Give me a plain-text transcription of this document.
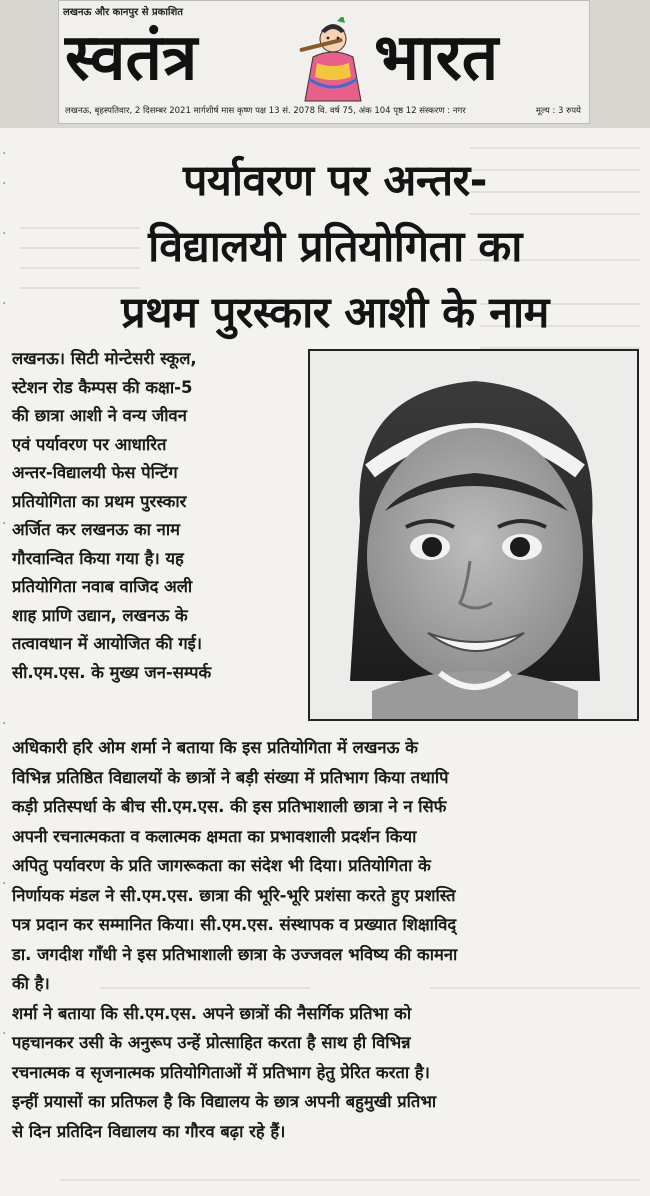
लखनऊ और कानपुर से प्रकाशित
स्वतंत्र	भारत
लखनऊ, बृहस्पतिवार, 2 दिसम्बर 2021 मार्गशीर्ष मास कृष्ण पक्ष 13 सं. 2078 वि. वर्ष 75, अंक 104 पृष्ठ 12 संस्करण : नगर	मूल्य : 3 रुपये
·
·
·
·
·
·
·
·
पर्यावरण पर अन्तर-
विद्यालयी प्रतियोगिता का
प्रथम पुरस्कार आशी के नाम
लखनऊ। सिटी मोन्टेसरी स्कूल,
स्टेशन रोड कैम्पस की कक्षा-5
की छात्रा आशी ने वन्य जीवन
एवं पर्यावरण पर आधारित
अन्तर-विद्यालयी फेस पेन्टिंग
प्रतियोगिता का प्रथम पुरस्कार
अर्जित कर लखनऊ का नाम
गौरवान्वित किया गया है। यह
प्रतियोगिता नवाब वाजिद अली
शाह प्राणि उद्यान, लखनऊ के
तत्वावधान में आयोजित की गई।
सी.एम.एस. के मुख्य जन-सम्पर्क
अधिकारी हरि ओम शर्मा ने बताया कि इस प्रतियोगिता में लखनऊ के
विभिन्न प्रतिष्ठित विद्यालयों के छात्रों ने बड़ी संख्या में प्रतिभाग किया तथापि
कड़ी प्रतिस्पर्धा के बीच सी.एम.एस. की इस प्रतिभाशाली छात्रा ने न सिर्फ
अपनी रचनात्मकता व कलात्मक क्षमता का प्रभावशाली प्रदर्शन किया
अपितु पर्यावरण के प्रति जागरूकता का संदेश भी दिया। प्रतियोगिता के
निर्णायक मंडल ने सी.एम.एस. छात्रा की भूरि-भूरि प्रशंसा करते हुए प्रशस्ति
पत्र प्रदान कर सम्मानित किया। सी.एम.एस. संस्थापक व प्रख्यात शिक्षाविद्
डा. जगदीश गाँधी ने इस प्रतिभाशाली छात्रा के उज्जवल भविष्य की कामना
की है।
शर्मा ने बताया कि सी.एम.एस. अपने छात्रों की नैसर्गिक प्रतिभा को
पहचानकर उसी के अनुरूप उन्हें प्रोत्साहित करता है साथ ही विभिन्न
रचनात्मक व सृजनात्मक प्रतियोगिताओं में प्रतिभाग हेतु प्रेरित करता है।
इन्हीं प्रयासों का प्रतिफल है कि विद्यालय के छात्र अपनी बहुमुखी प्रतिभा
से दिन प्रतिदिन विद्यालय का गौरव बढ़ा रहे हैं।
